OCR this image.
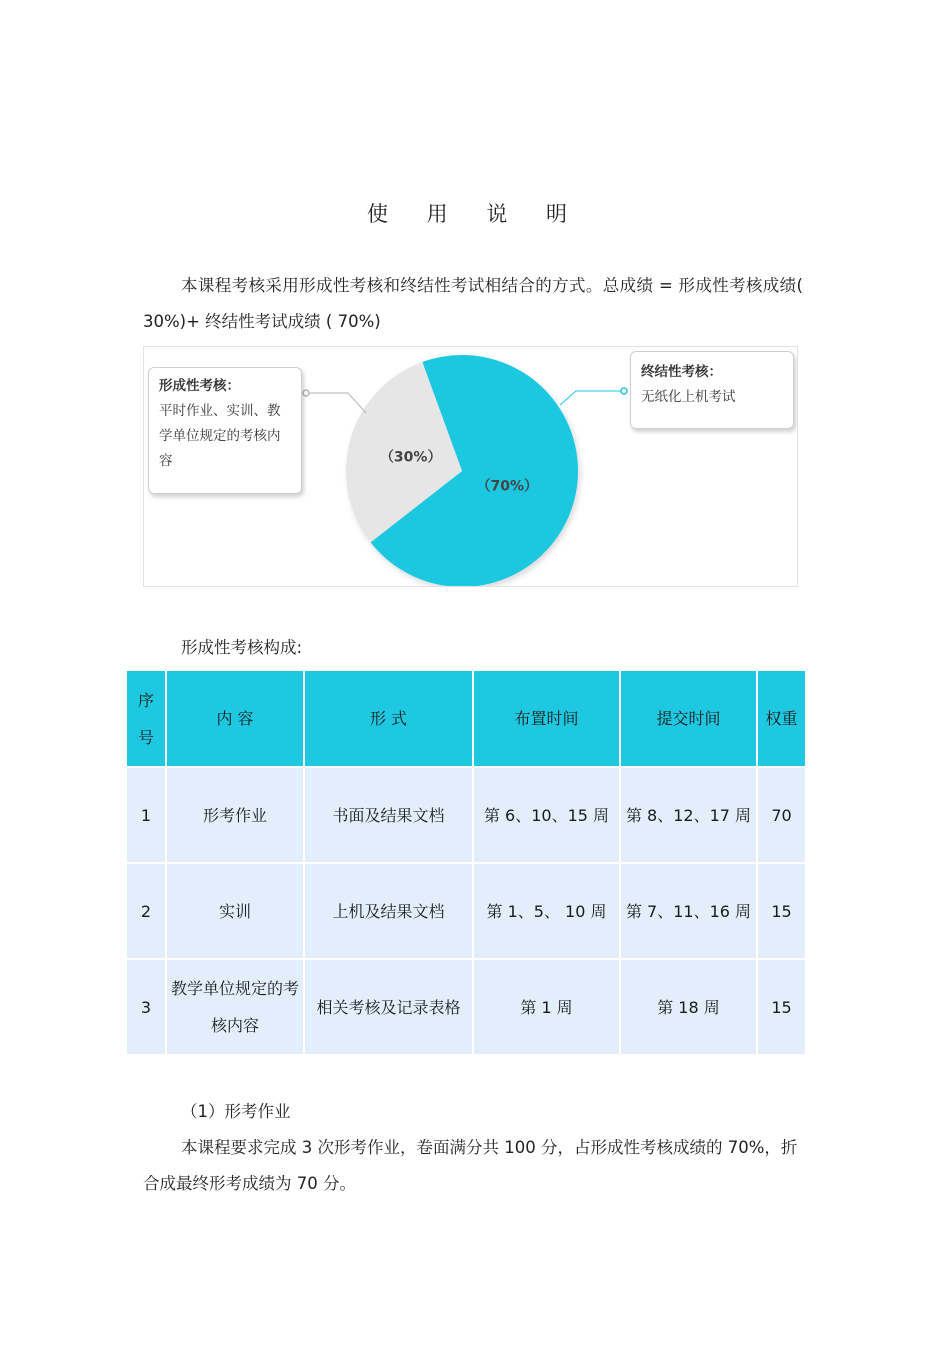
使 用 说 明
本课程考核采用形成性考核和终结性考试相结合的方式。总成绩 = 形成性考核成绩( 30%)+ 终结性考试成绩 ( 70%)
（70%）
（30%）
形成性考核：
平时作业、实训、教学单位规定的考核内容
终结性考核：
无纸化上机考试
形成性考核构成:
序号	内 容	形 式	布置时间	提交时间	权重
1	形考作业	书面及结果文档	第 6、10、15 周	第 8、12、17 周	70
2	实训	上机及结果文档	第 1、5、 10 周	第 7、11、16 周	15
3	教学单位规定的考核内容	相关考核及记录表格	第 1 周	第 18 周	15
（1）形考作业
本课程要求完成 3 次形考作业，卷面满分共 100 分，占形成性考核成绩的 70%，折合成最终形考成绩为 70 分。
